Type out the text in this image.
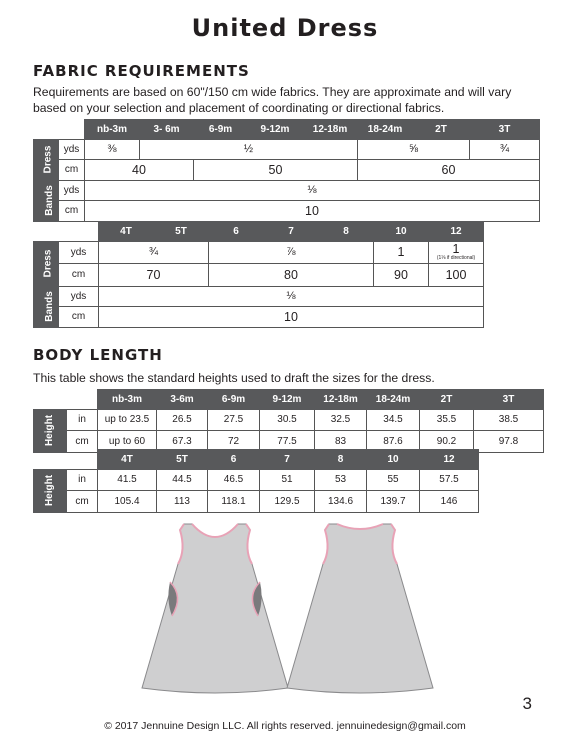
United Dress
FABRIC REQUIREMENTS
Requirements are based on 60"/150 cm wide fabrics. They are approximate and will vary based on your selection and placement of coordinating or directional fabrics.
		nb-3m	3- 6m	6-9m	9-12m	12-18m	18-24m	2T	3T
Dress	yds	⅜	½				⅝		¾
	cm	40		50			60		
Bands	yds	⅛							
	cm	10							
		4T	5T	6	7	8	10	12
Dress	yds	¾		⅞			1	1
(1⅛ if directional)

	cm	70		80			90	100
Bands	yds	⅛						
	cm	10						
BODY LENGTH
This table shows the standard heights used to draft the sizes for the dress.
		nb-3m	3-6m	6-9m	9-12m	12-18m	18-24m	2T	3T
Height	in	up to 23.5	26.5	27.5	30.5	32.5	34.5	35.5	38.5
	cm	up to 60	67.3	72	77.5	83	87.6	90.2	97.8
		4T	5T	6	7	8	10	12
Height	in	41.5	44.5	46.5	51	53	55	57.5
	cm	105.4	113	118.1	129.5	134.6	139.7	146
3
© 2017 Jennuine Design LLC. All rights reserved. jennuinedesign@gmail.com
